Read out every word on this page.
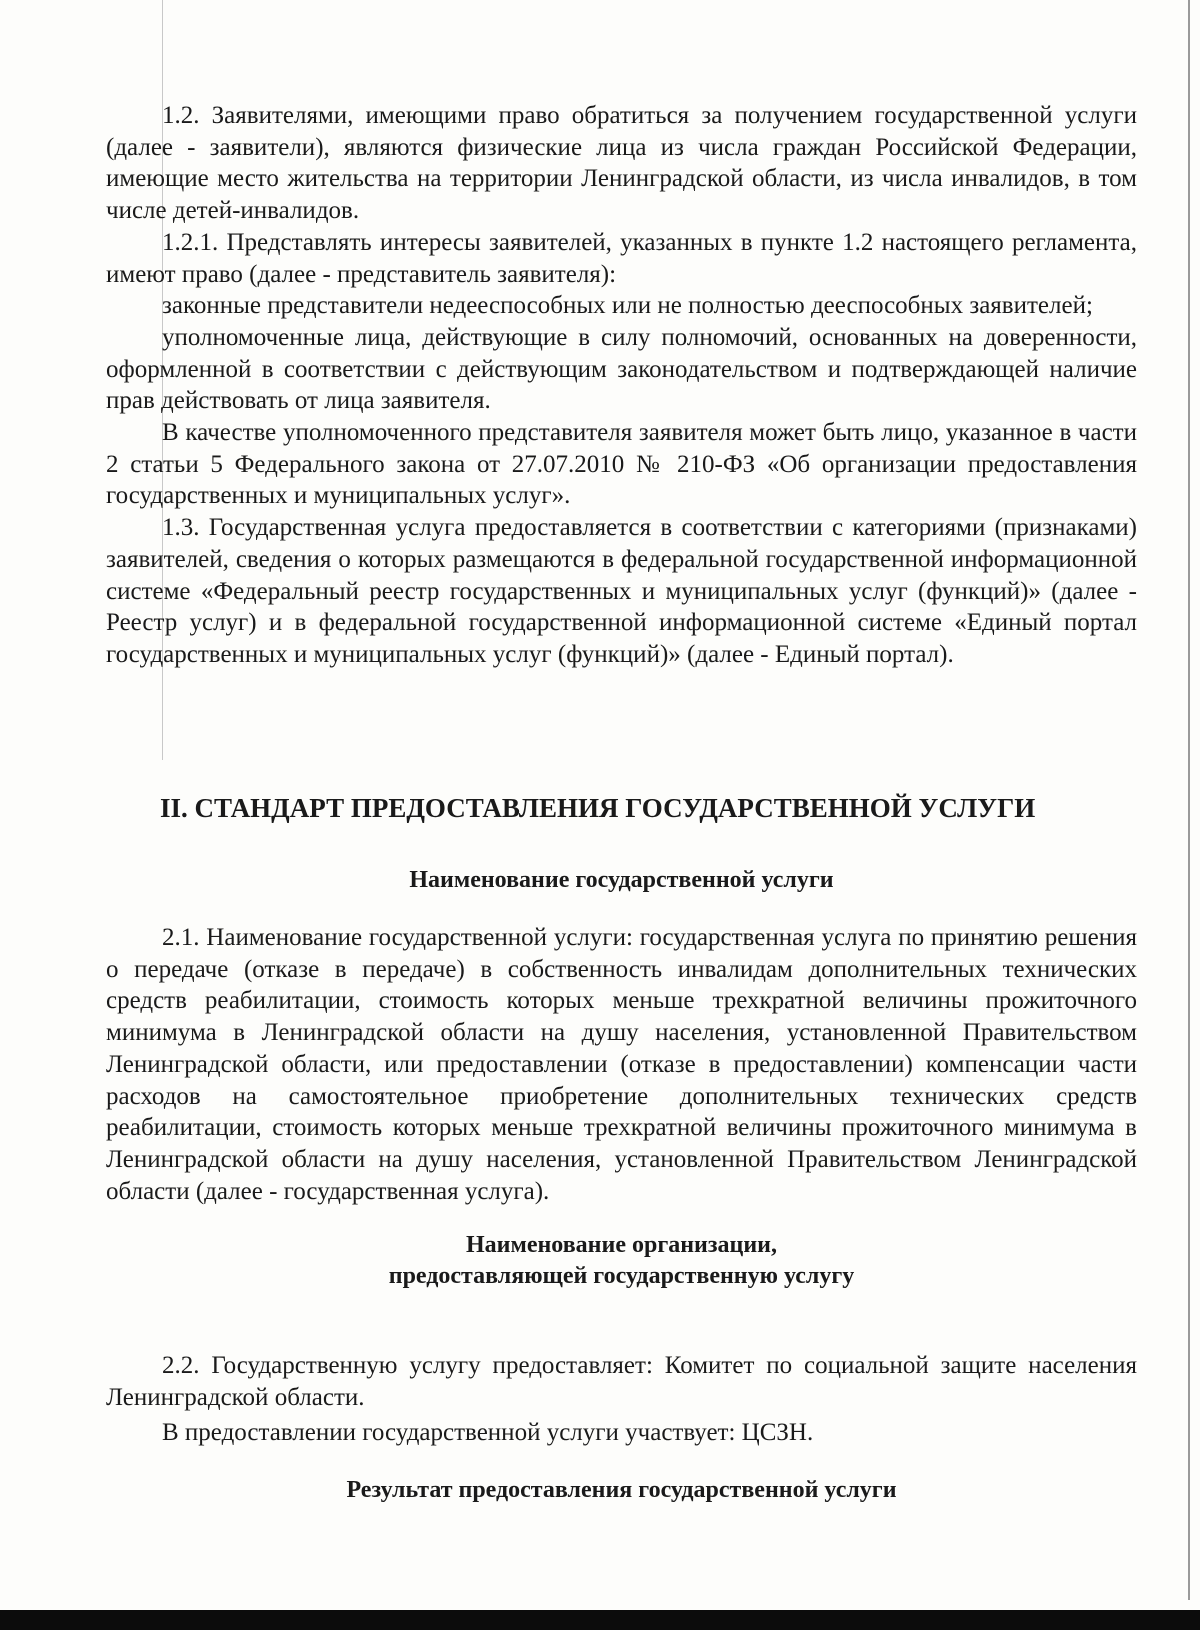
1.2. Заявителями, имеющими право обратиться за получением государственной услуги (далее - заявители), являются физические лица из числа граждан Российской Федерации, имеющие место жительства на территории Ленинградской области, из числа инвалидов, в том числе детей-инвалидов.

1.2.1. Представлять интересы заявителей, указанных в пункте 1.2 настоящего регламента, имеют право (далее - представитель заявителя):

законные представители недееспособных или не полностью дееспособных заявителей;

уполномоченные лица, действующие в силу полномочий, основанных на доверенности, оформленной в соответствии с действующим законодательством и подтверждающей наличие прав действовать от лица заявителя.

В качестве уполномоченного представителя заявителя может быть лицо, указанное в части 2 статьи 5 Федерального закона от 27.07.2010 № 210-ФЗ «Об организации предоставления государственных и муниципальных услуг».

1.3. Государственная услуга предоставляется в соответствии с категориями (признаками) заявителей, сведения о которых размещаются в федеральной государственной информационной системе «Федеральный реестр государственных и муниципальных услуг (функций)» (далее - Реестр услуг) и в федеральной государственной информационной системе «Единый портал государственных и муниципальных услуг (функций)» (далее - Единый портал).

II. СТАНДАРТ ПРЕДОСТАВЛЕНИЯ ГОСУДАРСТВЕННОЙ УСЛУГИ
Наименование государственной услуги

2.1. Наименование государственной услуги: государственная услуга по принятию решения о передаче (отказе в передаче) в собственность инвалидам дополнительных технических средств реабилитации, стоимость которых меньше трехкратной величины прожиточного минимума в Ленинградской области на душу населения, установленной Правительством Ленинградской области, или предоставлении (отказе в предоставлении) компенсации части расходов на самостоятельное приобретение дополнительных технических средств реабилитации, стоимость которых меньше трехкратной величины прожиточного минимума в Ленинградской области на душу населения, установленной Правительством Ленинградской области (далее - государственная услуга).

Наименование организации,
предоставляющей государственную услугу

2.2. Государственную услугу предоставляет: Комитет по социальной защите населения Ленинградской области.

В предоставлении государственной услуги участвует: ЦСЗН.

Результат предоставления государственной услуги
